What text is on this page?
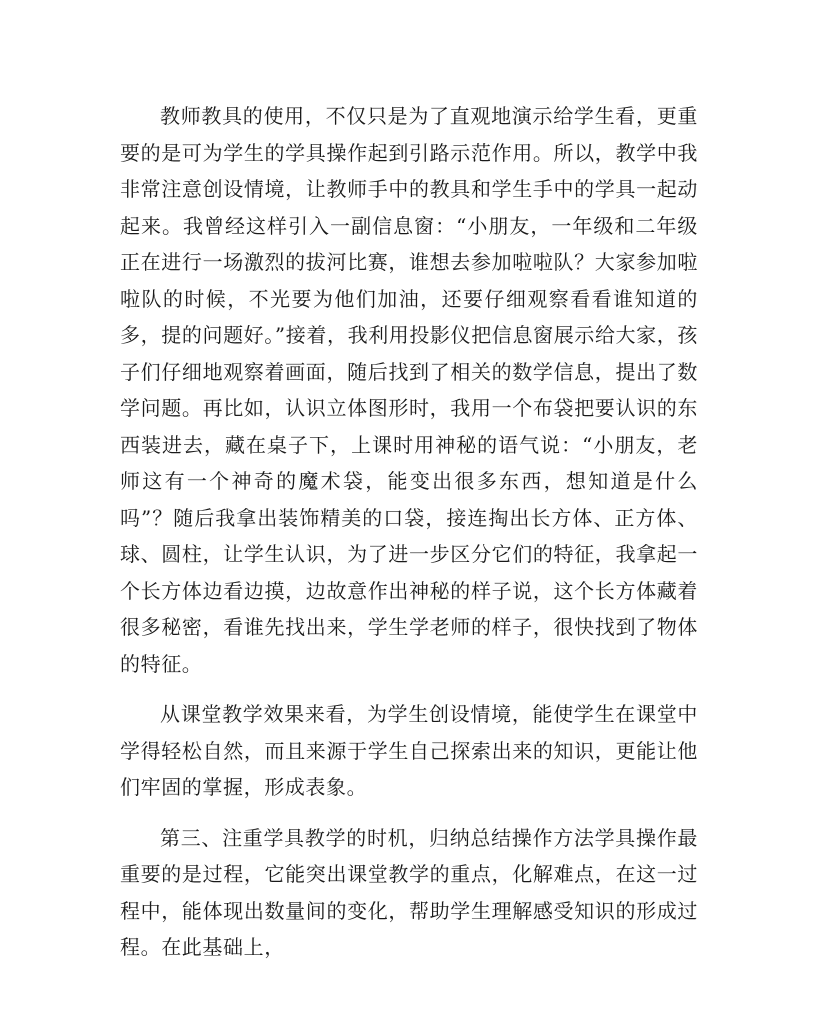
教师教具的使用，不仅只是为了直观地演示给学生看，更重要的是可为学生的学具操作起到引路示范作用。所以，教学中我非常注意创设情境，让教师手中的教具和学生手中的学具一起动起来。我曾经这样引入一副信息窗：“小朋友，一年级和二年级正在进行一场激烈的拔河比赛，谁想去参加啦啦队？大家参加啦啦队的时候，不光要为他们加油，还要仔细观察看看谁知道的多，提的问题好。”接着，我利用投影仪把信息窗展示给大家，孩子们仔细地观察着画面，随后找到了相关的数学信息，提出了数学问题。再比如，认识立体图形时，我用一个布袋把要认识的东西装进去，藏在桌子下，上课时用神秘的语气说：“小朋友，老师这有一个神奇的魔术袋，能变出很多东西，想知道是什么吗”？随后我拿出装饰精美的口袋，接连掏出长方体、正方体、球、圆柱，让学生认识，为了进一步区分它们的特征，我拿起一个长方体边看边摸，边故意作出神秘的样子说，这个长方体藏着很多秘密，看谁先找出来，学生学老师的样子，很快找到了物体的特征。

从课堂教学效果来看，为学生创设情境，能使学生在课堂中学得轻松自然，而且来源于学生自己探索出来的知识，更能让他们牢固的掌握，形成表象。

第三、注重学具教学的时机，归纳总结操作方法学具操作最重要的是过程，它能突出课堂教学的重点，化解难点，在这一过程中，能体现出数量间的变化，帮助学生理解感受知识的形成过程。在此基础上，
